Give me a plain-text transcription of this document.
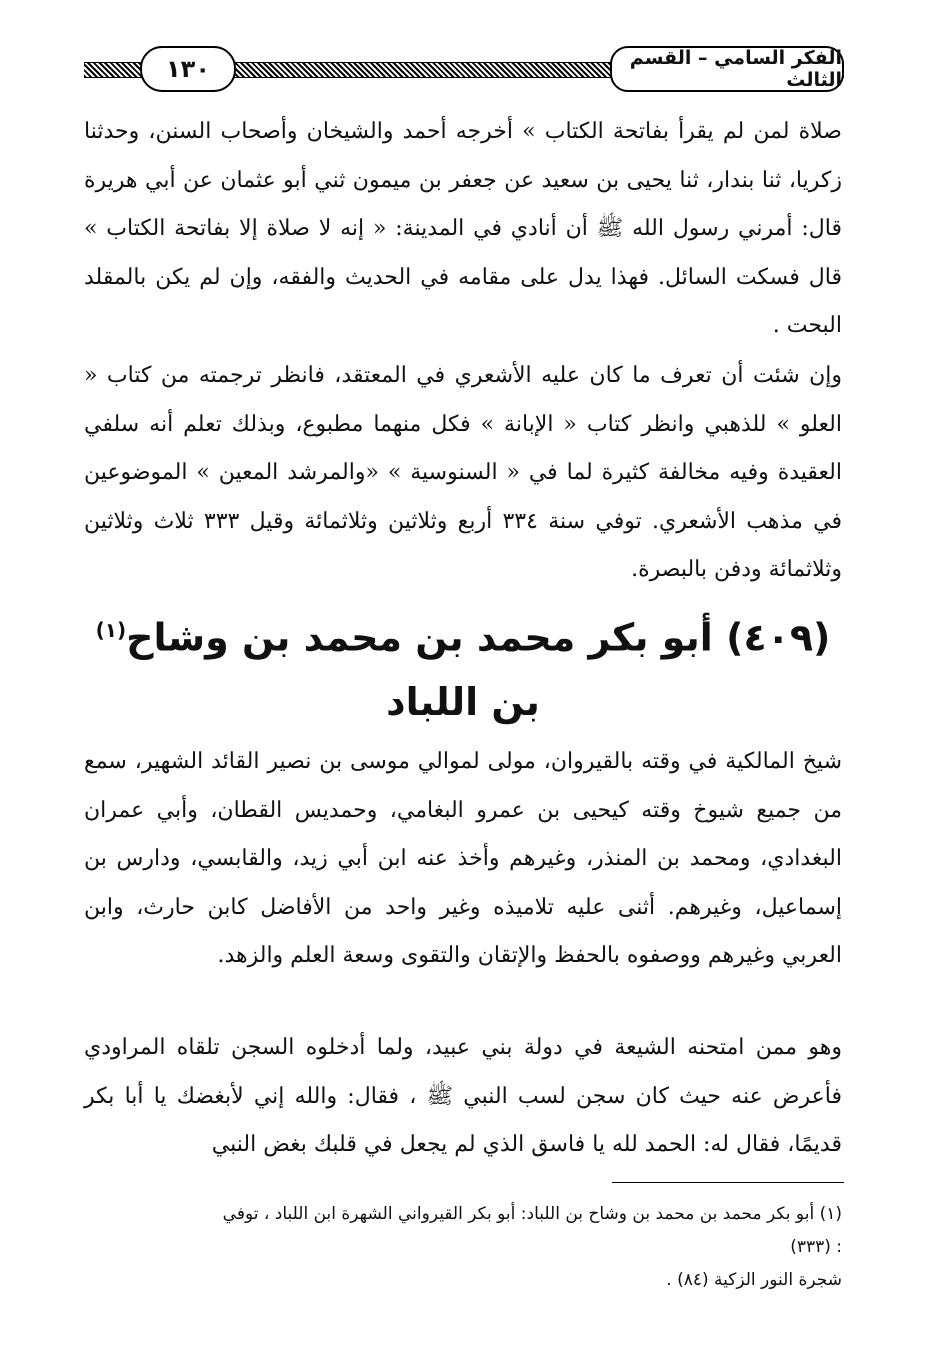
الفكر السامي – القسم الثالث
١٣٠
صلاة لمن لم يقرأ بفاتحة الكتاب » أخرجه أحمد والشيخان وأصحاب السنن، وحدثنا زكريا، ثنا بندار، ثنا يحيى بن سعيد عن جعفر بن ميمون ثني أبو عثمان عن أبي هريرة قال: أمرني رسول الله ﷺ أن أنادي في المدينة: « إنه لا صلاة إلا بفاتحة الكتاب » قال فسكت السائل. فهذا يدل على مقامه في الحديث والفقه، وإن لم يكن بالمقلد البحت .
وإن شئت أن تعرف ما كان عليه الأشعري في المعتقد، فانظر ترجمته من كتاب « العلو » للذهبي وانظر كتاب « الإبانة » فكل منهما مطبوع، وبذلك تعلم أنه سلفي العقيدة وفيه مخالفة كثيرة لما في « السنوسية » «والمرشد المعين » الموضوعين في مذهب الأشعري. توفي سنة ٣٣٤ أربع وثلاثين وثلاثمائة وقيل ٣٣٣ ثلاث وثلاثين وثلاثمائة ودفن بالبصرة.
(٤٠٩) أبو بكر محمد بن محمد بن وشاح$^{(١)}$ بن اللباد
شيخ المالكية في وقته بالقيروان، مولى لموالي موسى بن نصير القائد الشهير، سمع من جميع شيوخ وقته كيحيى بن عمرو البغامي، وحمديس القطان، وأبي عمران البغدادي، ومحمد بن المنذر، وغيرهم وأخذ عنه ابن أبي زيد، والقابسي، ودارس بن إسماعيل، وغيرهم. أثنى عليه تلاميذه وغير واحد من الأفاضل كابن حارث، وابن العربي وغيرهم ووصفوه بالحفظ والإتقان والتقوى وسعة العلم والزهد.
وهو ممن امتحنه الشيعة في دولة بني عبيد، ولما أدخلوه السجن تلقاه المراودي فأعرض عنه حيث كان سجن لسب النبي ﷺ ، فقال: والله إني لأبغضك يا أبا بكر قديمًا، فقال له: الحمد لله يا فاسق الذي لم يجعل في قلبك بغض النبي
(١) أبو بكر محمد بن محمد بن وشاح بن اللباد: أبو بكر القيرواني الشهرة ابن اللباد ، توفي
: (٣٣٣)
شجرة النور الزكية (٨٤) .
